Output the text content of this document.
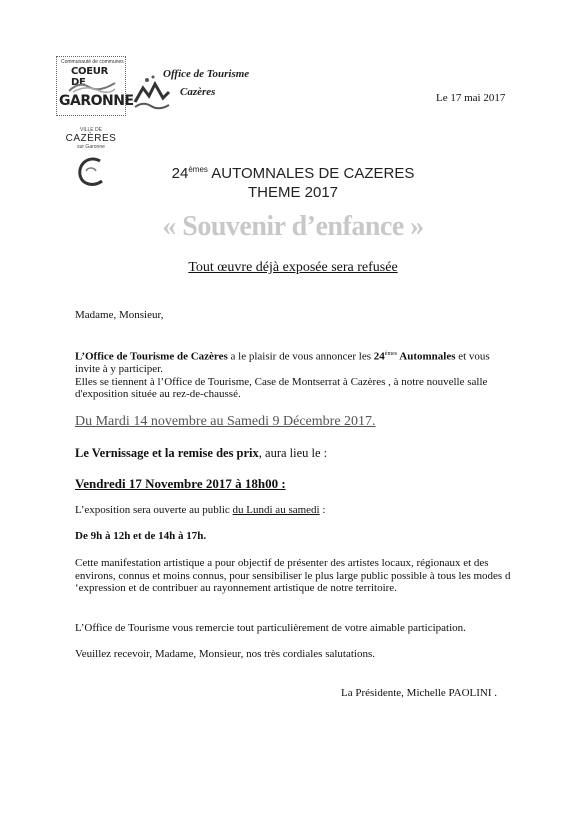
Communauté de communes
COEUR DE
GARONNE
Office de Tourisme
Cazères
VILLE DE
CAZÈRES
sur Garonne
Le 17 mai 2017
24èmes AUTOMNALES DE CAZERES
THEME 2017
« Souvenir d’enfance »
Tout œuvre déjà exposée sera refusée
Madame, Monsieur,
L’Office de Tourisme de Cazères a le plaisir de vous annoncer les 24èmes Automnales et vous invite à y participer.
Elles se tiennent à l’Office de Tourisme, Case de Montserrat à Cazères , à notre nouvelle salle d'exposition située au rez-de-chaussé.
Du Mardi 14 novembre au Samedi 9 Décembre 2017.
Le Vernissage et la remise des prix, aura lieu le :
Vendredi 17 Novembre 2017 à 18h00 :
L’exposition sera ouverte au public du Lundi au samedi :
De 9h à 12h et de 14h à 17h.
Cette manifestation artistique a pour objectif de présenter des artistes locaux, régionaux et des environs, connus et moins connus, pour sensibiliser le plus large public possible à tous les modes d ‘expression et de contribuer au rayonnement artistique de notre territoire.
L’Office de Tourisme vous remercie tout particulièrement de votre aimable participation.
Veuillez recevoir, Madame, Monsieur, nos très cordiales salutations.
La Présidente, Michelle PAOLINI .
